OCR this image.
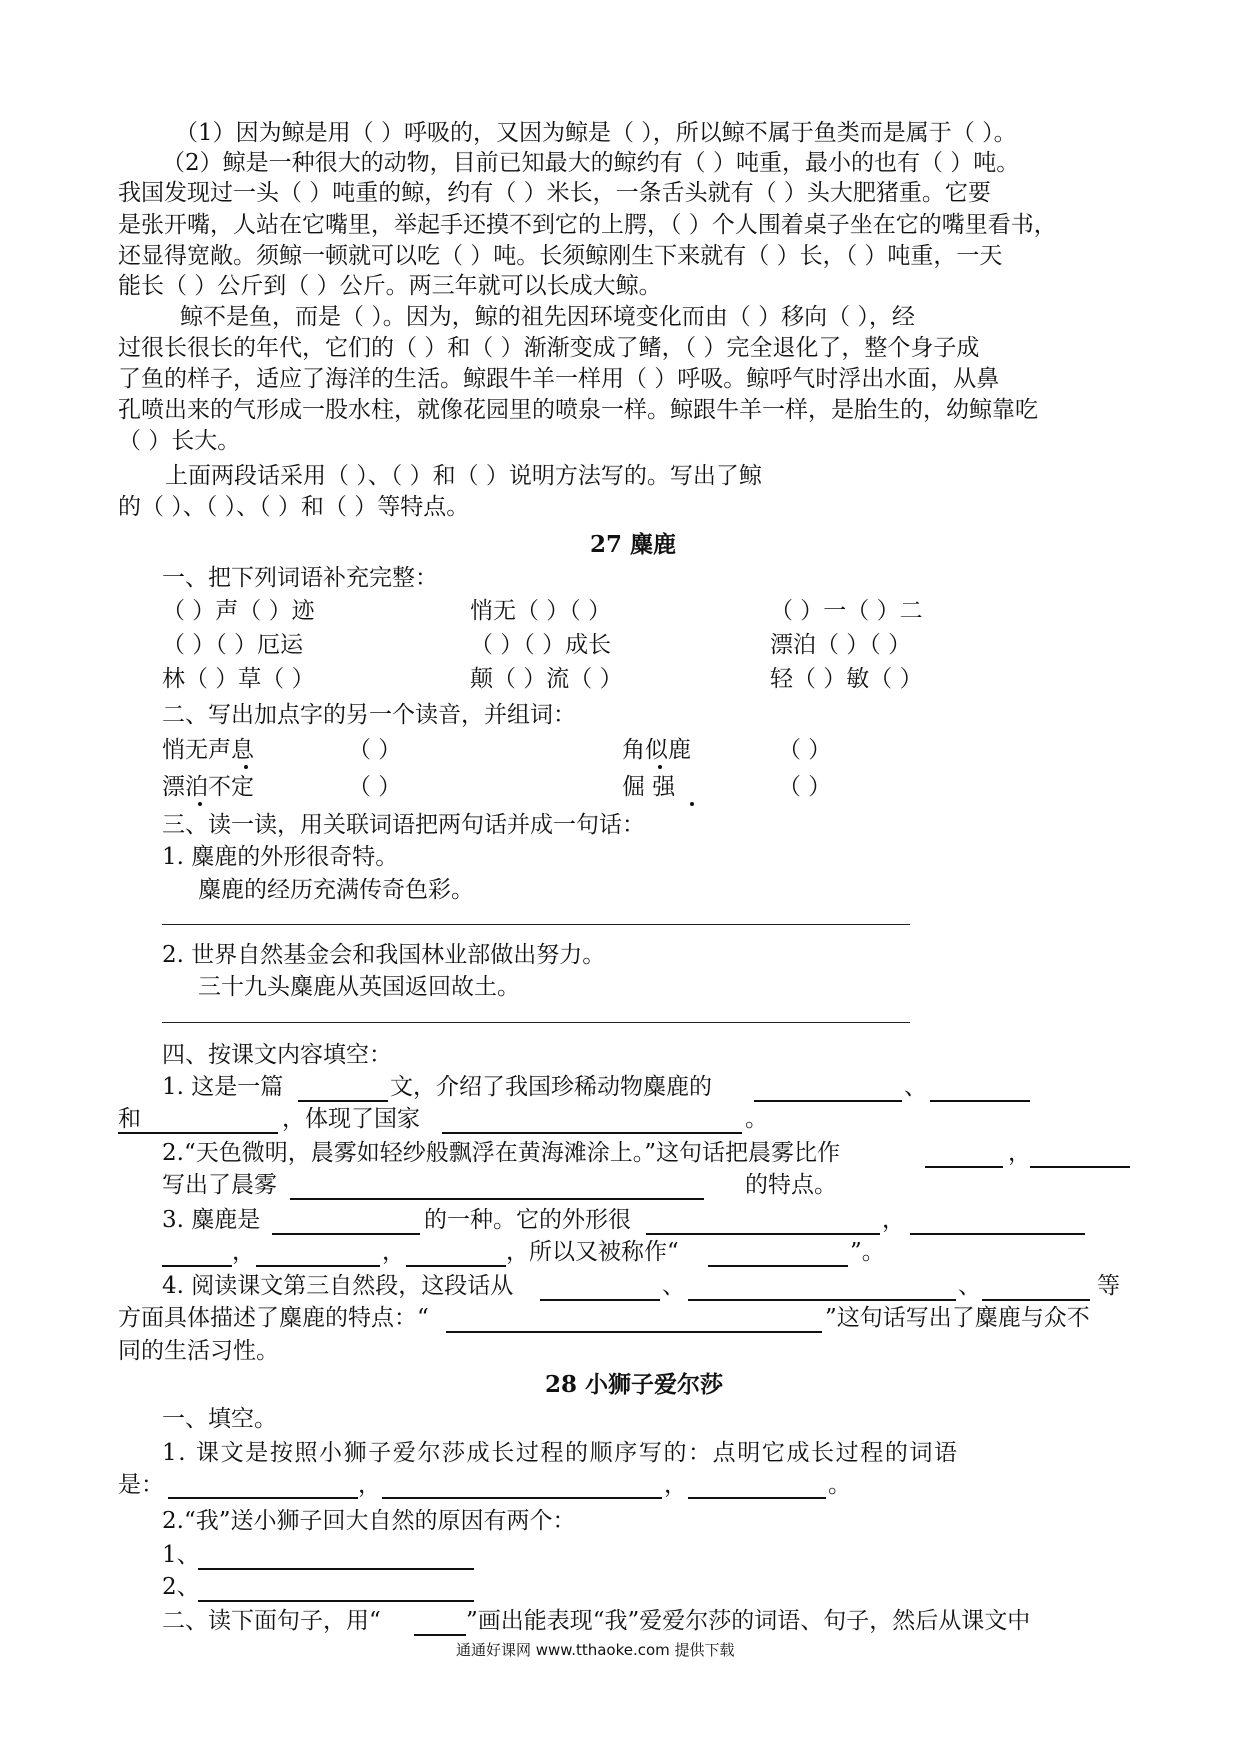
（1）因为鲸是用（ ）呼吸的，又因为鲸是（ ），所以鲸不属于鱼类而是属于（ ）。
（2）鲸是一种很大的动物，目前已知最大的鲸约有（ ）吨重，最小的也有（ ）吨。
我国发现过一头（ ）吨重的鲸，约有（ ）米长，一条舌头就有（ ）头大肥猪重。它要
是张开嘴，人站在它嘴里，举起手还摸不到它的上腭，（ ）个人围着桌子坐在它的嘴里看书，
还显得宽敞。须鲸一顿就可以吃（ ）吨。长须鲸刚生下来就有（ ）长，（ ）吨重，一天
能长（ ）公斤到（ ）公斤。两三年就可以长成大鲸。
鲸不是鱼，而是（ ）。因为，鲸的祖先因环境变化而由（ ）移向（ ），经
过很长很长的年代，它们的（ ）和（ ）渐渐变成了鳍，（ ）完全退化了，整个身子成
了鱼的样子，适应了海洋的生活。鲸跟牛羊一样用（ ）呼吸。鲸呼气时浮出水面，从鼻
孔喷出来的气形成一股水柱，就像花园里的喷泉一样。鲸跟牛羊一样，是胎生的，幼鲸靠吃
（ ）长大。
上面两段话采用（ ）、（ ）和（ ）说明方法写的。写出了鲸
的（ ）、（ ）、（ ）和（ ）等特点。
27 麋鹿
一、把下列词语补充完整：
（ ）声（ ）迹	悄无（ ）（ ）	（ ）一（ ）二
（ ）（ ）厄运	（ ）（ ）成长	漂泊（ ）（ ）
林（ ）草（ ）	颠（ ）流（ ）	轻（ ）敏（ ）
二、写出加点字的另一个读音，并组词：
悄无声息	（ ）	角似鹿	（ ）
漂泊不定	（ ）	倔 强	（ ）
三、读一读，用关联词语把两句话并成一句话：
1. 麋鹿的外形很奇特。
麋鹿的经历充满传奇色彩。
2. 世界自然基金会和我国林业部做出努力。
三十九头麋鹿从英国返回故土。
四、按课文内容填空：
1. 这是一篇	文，介绍了我国珍稀动物麋鹿的	、
和	，体现了国家	。
2.“天色微明，晨雾如轻纱般飘浮在黄海滩涂上。”这句话把晨雾比作	，
写出了晨雾	的特点。
3. 麋鹿是	的一种。它的外形很	，
，	，	，所以又被称作“	”。
4. 阅读课文第三自然段，这段话从	、	、	等
方面具体描述了麋鹿的特点：“	”这句话写出了麋鹿与众不
同的生活习性。
28 小狮子爱尔莎
一、填空。
1. 课文是按照小狮子爱尔莎成长过程的顺序写的：点明它成长过程的词语
是：	，	，	。
2.“我”送小狮子回大自然的原因有两个：
1、
2、
二、读下面句子，用“	”画出能表现“我”爱爱尔莎的词语、句子，然后从课文中
通通好课网 www.tthaoke.com 提供下载
